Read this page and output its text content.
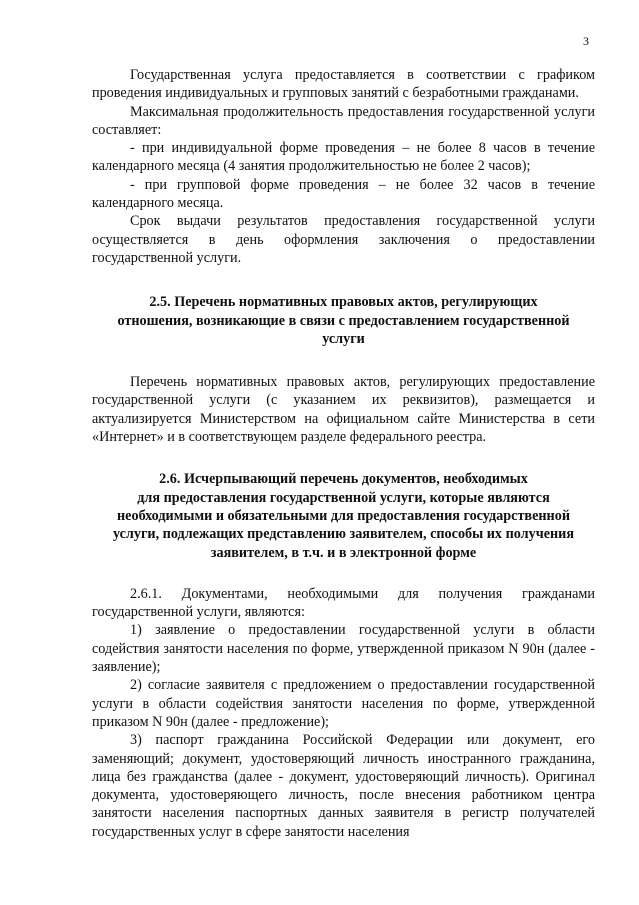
3

Государственная услуга предоставляется в соответствии с графиком проведения индивидуальных и групповых занятий с безработными гражданами.

Максимальная продолжительность предоставления государственной услуги составляет:

- при индивидуальной форме проведения – не более 8 часов в течение календарного месяца (4 занятия продолжительностью не более 2 часов);

- при групповой форме проведения – не более 32 часов в течение календарного месяца.

Срок выдачи результатов предоставления государственной услуги осуществляется в день оформления заключения о предоставлении государственной услуги.

2.5. Перечень нормативных правовых актов, регулирующих
отношения, возникающие в связи с предоставлением государственной
услуги

Перечень нормативных правовых актов, регулирующих предоставление государственной услуги (с указанием их реквизитов), размещается и актуализируется Министерством на официальном сайте Министерства в сети «Интернет» и в соответствующем разделе федерального реестра.

2.6. Исчерпывающий перечень документов, необходимых
для предоставления государственной услуги, которые являются
необходимыми и обязательными для предоставления государственной
услуги, подлежащих представлению заявителем, способы их получения
заявителем, в т.ч. и в электронной форме

2.6.1. Документами, необходимыми для получения гражданами государственной услуги, являются:

1) заявление о предоставлении государственной услуги в области содействия занятости населения по форме, утвержденной приказом N 90н (далее - заявление);

2) согласие заявителя с предложением о предоставлении государственной услуги в области содействия занятости населения по форме, утвержденной приказом N 90н (далее - предложение);

3) паспорт гражданина Российской Федерации или документ, его заменяющий; документ, удостоверяющий личность иностранного гражданина, лица без гражданства (далее - документ, удостоверяющий личность). Оригинал документа, удостоверяющего личность, после внесения работником центра занятости населения паспортных данных заявителя в регистр получателей государственных услуг в сфере занятости населения
